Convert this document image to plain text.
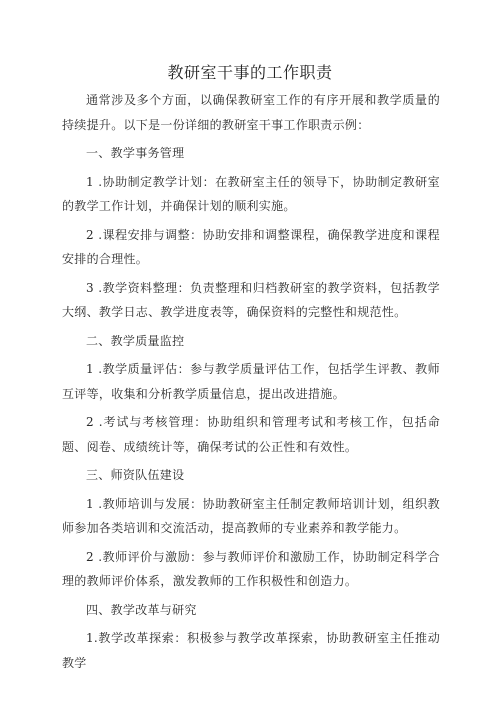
教研室干事的工作职责

通常涉及多个方面，以确保教研室工作的有序开展和教学质量的持续提升。以下是一份详细的教研室干事工作职责示例：

一、教学事务管理

1 .协助制定教学计划：在教研室主任的领导下，协助制定教研室的教学工作计划，并确保计划的顺利实施。

2 .课程安排与调整：协助安排和调整课程，确保教学进度和课程安排的合理性。

3 .教学资料整理：负责整理和归档教研室的教学资料，包括教学大纲、教学日志、教学进度表等，确保资料的完整性和规范性。

二、教学质量监控

1 .教学质量评估：参与教学质量评估工作，包括学生评教、教师互评等，收集和分析教学质量信息，提出改进措施。

2 .考试与考核管理：协助组织和管理考试和考核工作，包括命题、阅卷、成绩统计等，确保考试的公正性和有效性。

三、师资队伍建设

1 .教师培训与发展：协助教研室主任制定教师培训计划，组织教师参加各类培训和交流活动，提高教师的专业素养和教学能力。

2 .教师评价与激励：参与教师评价和激励工作，协助制定科学合理的教师评价体系，激发教师的工作积极性和创造力。

四、教学改革与研究

1.教学改革探索：积极参与教学改革探索，协助教研室主任推动教学
